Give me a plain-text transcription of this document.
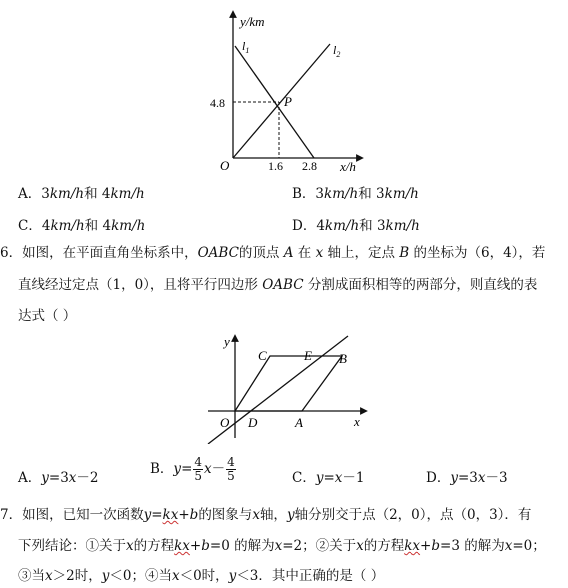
y/km
x/h
O
$l_1$	$l_2$
P
4.8
1.6 2.8
A．3km/h和 4km/h	B．3km/h和 3km/h
C．4km/h和 4km/h	D．4km/h和 3km/h
6．如图，在平面直角坐标系中，OABC的顶点 A 在 x 轴上，定点 B 的坐标为（6，4），若
直线经过定点（1，0），且将平行四边形 OABC 分割成面积相等的两部分，则直线的表
达式（ ）
y
x
O D	A
B
C	E
A．y=3x－2
B．$y= \frac{4}{5} x- \frac{4}{5}$	C．y=x－1	D．y=3x－3
7．如图，已知一次函数y=kx+b的图象与x轴，y轴分别交于点（2，0），点（0，3）．有
下列结论：①关于x的方程kx+b=0 的解为x=2；②关于x的方程kx+b=3 的解为x=0；
③当x＞2时，y＜0；④当x＜0时，y＜3．其中正确的是（ ）
